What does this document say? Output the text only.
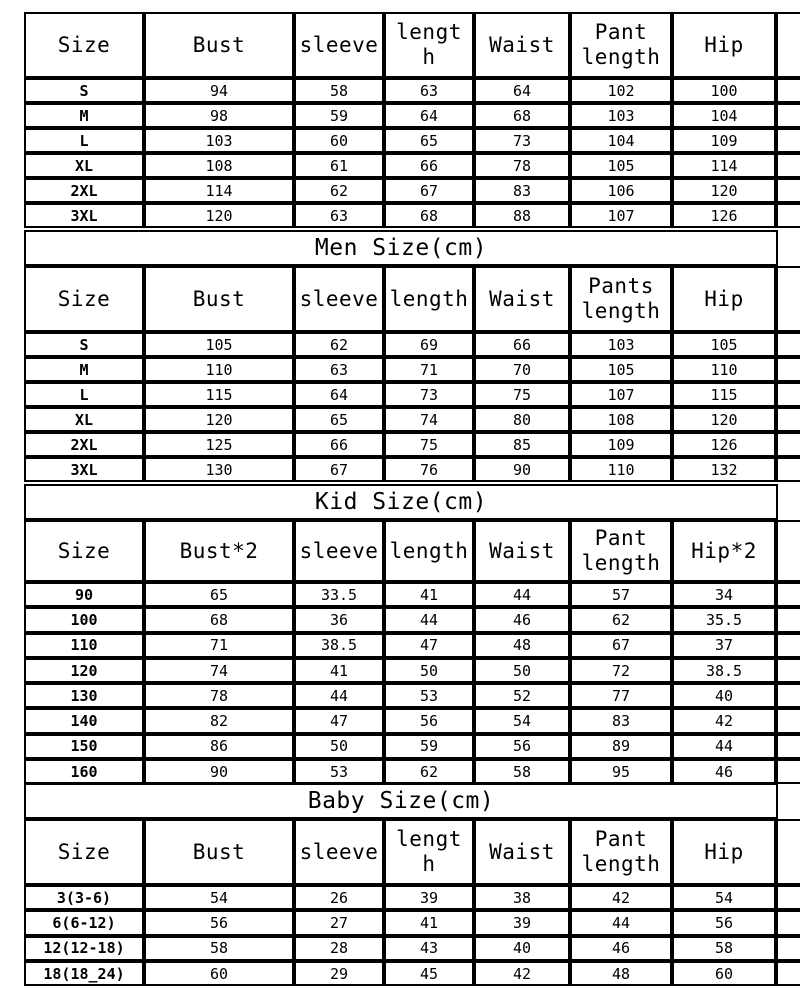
Size	Bust	sleeve	lengt h	Waist	Pant length	Hip	
S	94	58	63	64	102	100	
M	98	59	64	68	103	104	
L	103	60	65	73	104	109	
XL	108	61	66	78	105	114	
2XL	114	62	67	83	106	120	
3XL	120	63	68	88	107	126	
Men Size(cm)
Size	Bust	sleeve	length	Waist	Pants length	Hip	
S	105	62	69	66	103	105	
M	110	63	71	70	105	110	
L	115	64	73	75	107	115	
XL	120	65	74	80	108	120	
2XL	125	66	75	85	109	126	
3XL	130	67	76	90	110	132	
Kid Size(cm)
Size	Bust*2	sleeve	length	Waist	Pant length	Hip*2	
90	65	33.5	41	44	57	34	
100	68	36	44	46	62	35.5	
110	71	38.5	47	48	67	37	
120	74	41	50	50	72	38.5	
130	78	44	53	52	77	40	
140	82	47	56	54	83	42	
150	86	50	59	56	89	44	
160	90	53	62	58	95	46	
Baby Size(cm)
Size	Bust	sleeve	lengt h	Waist	Pant length	Hip	
3(3-6)	54	26	39	38	42	54	
6(6-12)	56	27	41	39	44	56	
12(12-18)	58	28	43	40	46	58	
18(18_24)	60	29	45	42	48	60	
